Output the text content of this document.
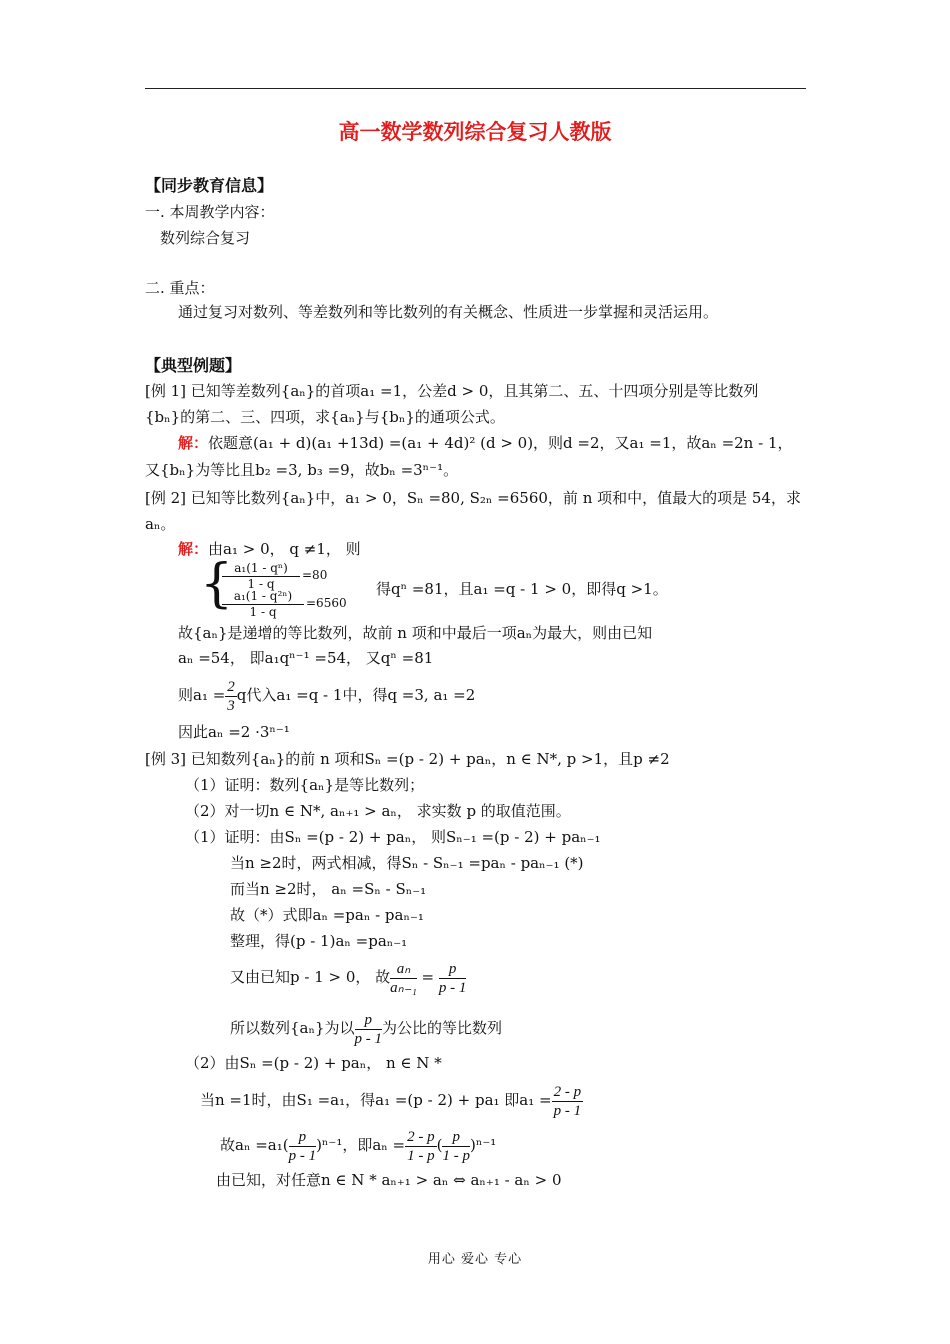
高一数学数列综合复习人教版
【同步教育信息】
一. 本周教学内容：
数列综合复习
二. 重点：
通过复习对数列、等差数列和等比数列的有关概念、性质进一步掌握和灵活运用。
【典型例题】
[例 1] 已知等差数列{aₙ}的首项a₁ =1，公差d > 0，且其第二、五、十四项分别是等比数列
{bₙ}的第二、三、四项，求{aₙ}与{bₙ}的通项公式。
解：依题意(a₁ + d)(a₁ +13d) =(a₁ + 4d)² (d > 0)，则d =2，又a₁ =1，故aₙ =2n - 1，
又{bₙ}为等比且b₂ =3, b₃ =9，故bₙ =3ⁿ⁻¹。
[例 2] 已知等比数列{aₙ}中，a₁ > 0，Sₙ =80, S₂ₙ =6560，前 n 项和中，值最大的项是 54，求
aₙ。
解：由a₁ > 0， q ≠1， 则
{ a₁(1 - qⁿ)
1 - q
=80
a₁(1 - q²ⁿ)
1 - q
=6560
得qⁿ =81，且a₁ =q - 1 > 0，即得q >1。
故{aₙ}是递增的等比数列，故前 n 项和中最后一项aₙ为最大，则由已知
aₙ =54， 即a₁qⁿ⁻¹ =54， 又qⁿ =81
则$a_1 = \frac{2}{3}$ q代入a₁ =q - 1中，得q =3, a₁ =2
因此aₙ =2 ·3ⁿ⁻¹
[例 3] 已知数列{aₙ}的前 n 项和Sₙ =(p - 2) + paₙ，n ∈ N*, p >1，且p ≠2
（1）证明：数列{aₙ}是等比数列；
（2）对一切n ∈ N*, aₙ₊₁ > aₙ， 求实数 p 的取值范围。
（1）证明：由Sₙ =(p - 2) + paₙ， 则Sₙ₋₁ =(p - 2) + paₙ₋₁
当n ≥2时，两式相减，得Sₙ - Sₙ₋₁ =paₙ - paₙ₋₁ (*)
而当n ≥2时， aₙ =Sₙ - Sₙ₋₁
故（*）式即aₙ =paₙ - paₙ₋₁
整理，得(p - 1)aₙ =paₙ₋₁
又由已知p - 1 > 0， 故 $\frac{\text{aₙ}}{\text{aₙ₋₁}} = \frac{p}{p - 1}$
所以数列{aₙ}为以 $\frac{p}{p - 1}$ 为公比的等比数列
（2）由Sₙ =(p - 2) + paₙ， n ∈ N *
当n =1时，由S₁ =a₁，得a₁ =(p - 2) + pa₁ 即$a_1 = \frac{2 - p}{p - 1}$
故$a_n =a_1( \frac{p}{p - 1} )^{n-1}$，即$a_n = \frac{2 - p}{1 - p}$ ( $\frac{p}{1 - p} )^{n-1}$
由已知，对任意n ∈ N * aₙ₊₁ > aₙ ⇔ aₙ₊₁ - aₙ > 0
用心 爱心 专心
